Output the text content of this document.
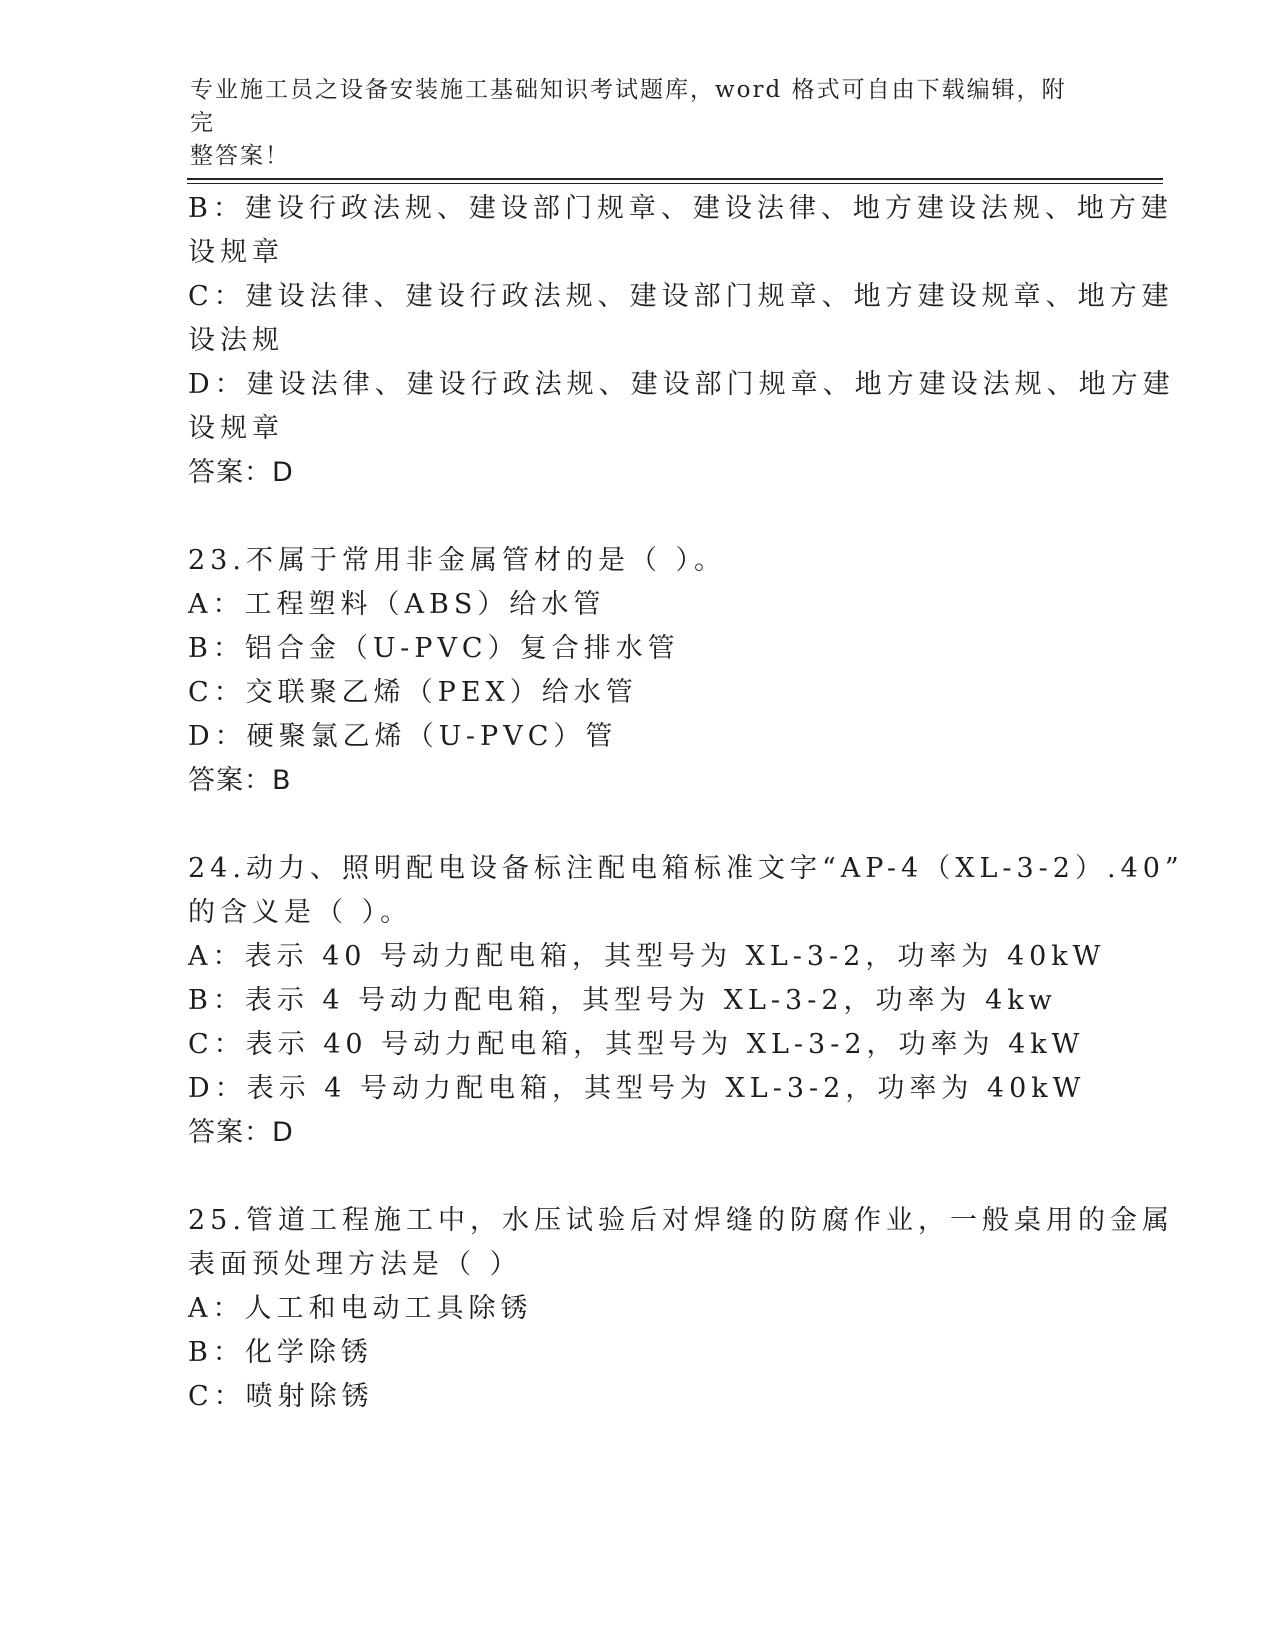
专业施工员之设备安装施工基础知识考试题库，word 格式可自由下载编辑，附完
整答案！
B：建设行政法规、建设部门规章、建设法律、地方建设法规、地方建
设规章
C：建设法律、建设行政法规、建设部门规章、地方建设规章、地方建
设法规
D：建设法律、建设行政法规、建设部门规章、地方建设法规、地方建
设规章
答案：D
23.不属于常用非金属管材的是（ ）。
A：工程塑料（ABS）给水管
B：铝合金（U-PVC）复合排水管
C：交联聚乙烯（PEX）给水管
D：硬聚氯乙烯（U-PVC）管
答案：B
24.动力、照明配电设备标注配电箱标准文字“AP-4（XL-3-2）.40”
的含义是（ ）。
A：表示 40 号动力配电箱，其型号为 XL-3-2，功率为 40kW
B：表示 4 号动力配电箱，其型号为 XL-3-2，功率为 4kw
C：表示 40 号动力配电箱，其型号为 XL-3-2，功率为 4kW
D：表示 4 号动力配电箱，其型号为 XL-3-2，功率为 40kW
答案：D
25.管道工程施工中，水压试验后对焊缝的防腐作业，一般桌用的金属
表面预处理方法是（ ）
A：人工和电动工具除锈
B：化学除锈
C：喷射除锈
